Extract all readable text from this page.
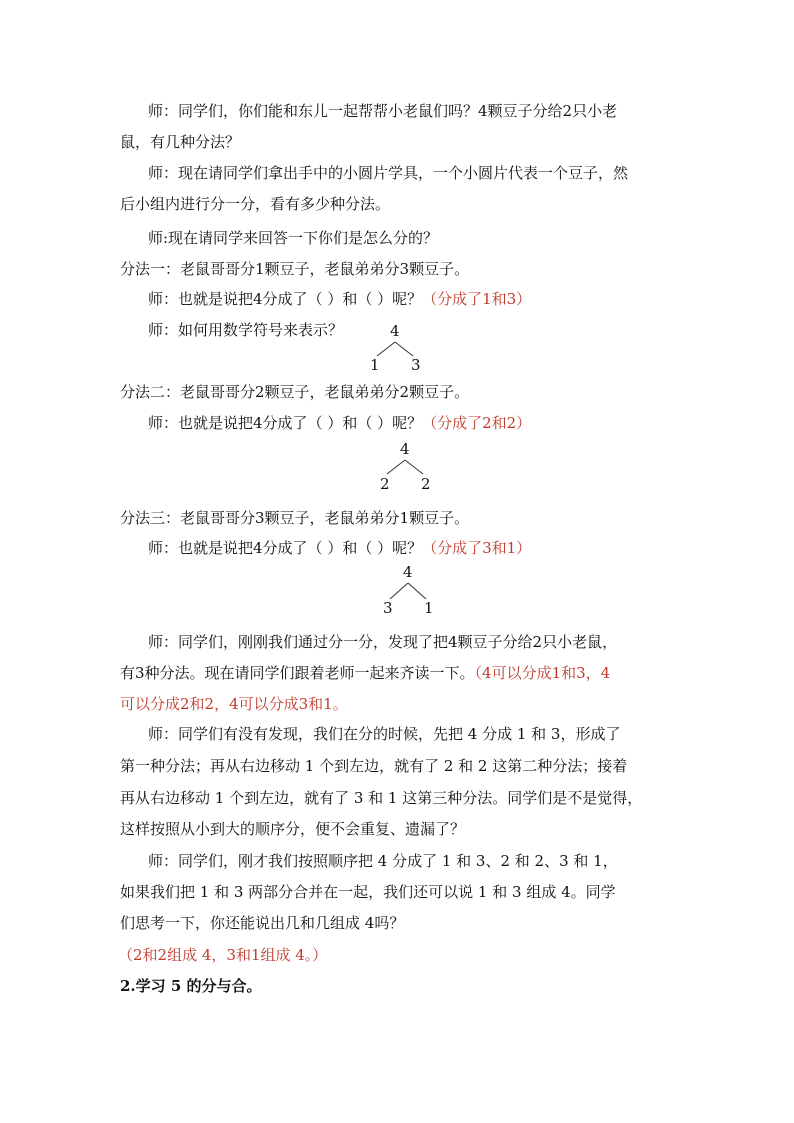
师：同学们，你们能和东儿一起帮帮小老鼠们吗？4颗豆子分给2只小老
鼠，有几种分法？
师：现在请同学们拿出手中的小圆片学具，一个小圆片代表一个豆子，然
后小组内进行分一分，看有多少种分法。
师:现在请同学来回答一下你们是怎么分的？
分法一：老鼠哥哥分1颗豆子，老鼠弟弟分3颗豆子。
师：也就是说把4分成了（ ）和（ ）呢？（分成了1和3）
师：如何用数学符号来表示？	4
1 3
分法二：老鼠哥哥分2颗豆子，老鼠弟弟分2颗豆子。
师：也就是说把4分成了（ ）和（ ）呢？（分成了2和2）
4
2 2
分法三：老鼠哥哥分3颗豆子，老鼠弟弟分1颗豆子。
师：也就是说把4分成了（ ）和（ ）呢？（分成了3和1）
4
3 1
师：同学们，刚刚我们通过分一分，发现了把4颗豆子分给2只小老鼠，
有3种分法。现在请同学们跟着老师一起来齐读一下。（4可以分成1和3，4
可以分成2和2，4可以分成3和1。
师：同学们有没有发现，我们在分的时候，先把 4 分成 1 和 3，形成了
第一种分法；再从右边移动 1 个到左边，就有了 2 和 2 这第二种分法；接着
再从右边移动 1 个到左边，就有了 3 和 1 这第三种分法。同学们是不是觉得，
这样按照从小到大的顺序分，便不会重复、遗漏了？
师：同学们，刚才我们按照顺序把 4 分成了 1 和 3、2 和 2、3 和 1，
如果我们把 1 和 3 两部分合并在一起，我们还可以说 1 和 3 组成 4。同学
们思考一下，你还能说出几和几组成 4吗？
（2和2组成 4，3和1组成 4。）
2.学习 5 的分与合。
